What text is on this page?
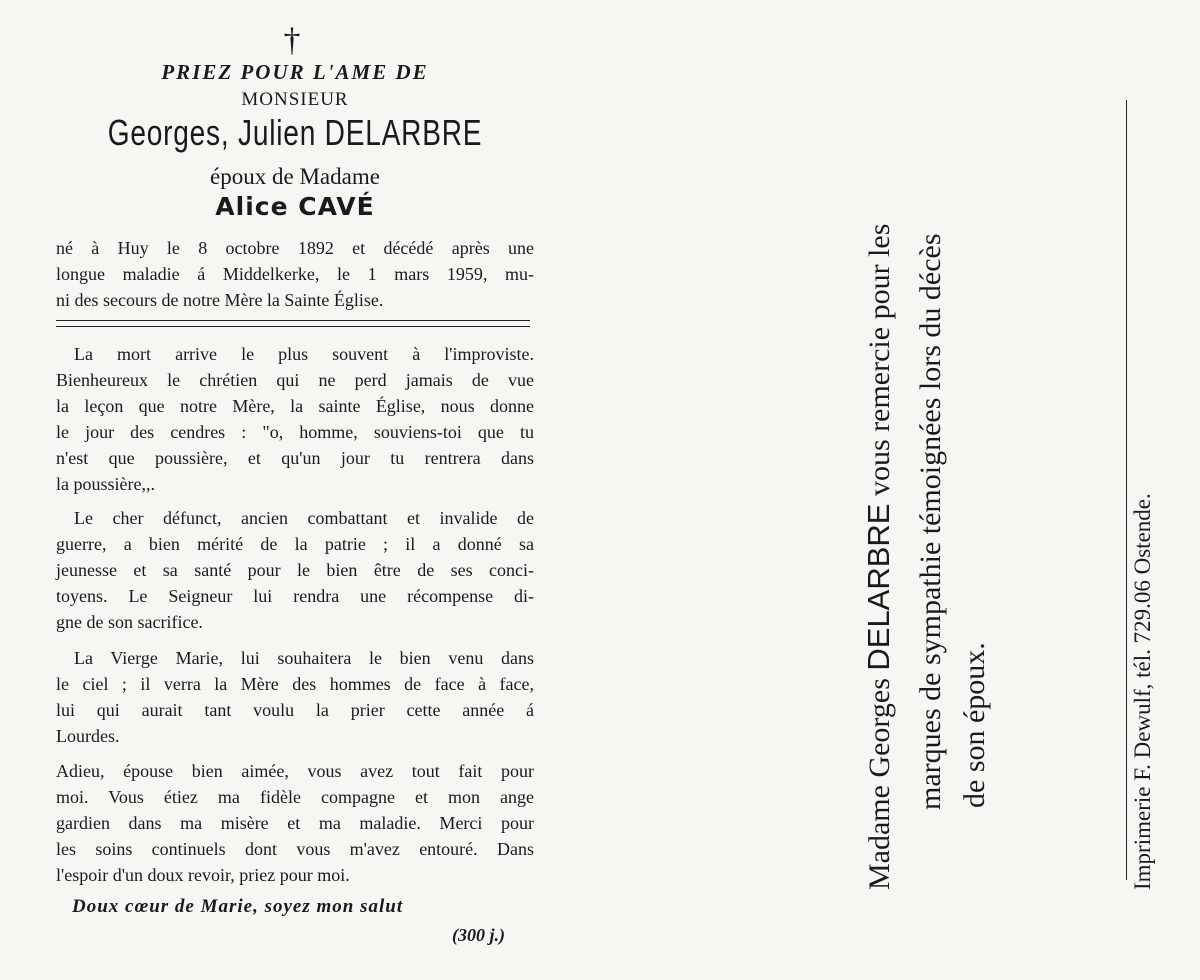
†
PRIEZ POUR L'AME DE
MONSIEUR
Georges, Julien DELARBRE
époux de Madame
Alice CAVÉ
né à Huy le 8 octobre 1892 et décédé après une
longue maladie á Middelkerke, le 1 mars 1959, mu-
ni des secours de notre Mère la Sainte Église.
La mort arrive le plus souvent à l'improviste.
Bienheureux le chrétien qui ne perd jamais de vue
la leçon que notre Mère, la sainte Église, nous donne
le jour des cendres : "o, homme, souviens-toi que tu
n'est que poussière, et qu'un jour tu rentrera dans
la poussière,,.
Le cher défunct, ancien combattant et invalide de
guerre, a bien mérité de la patrie ; il a donné sa
jeunesse et sa santé pour le bien être de ses conci-
toyens. Le Seigneur lui rendra une récompense di-
gne de son sacrifice.
La Vierge Marie, lui souhaitera le bien venu dans
le ciel ; il verra la Mère des hommes de face à face,
lui qui aurait tant voulu la prier cette année á
Lourdes.
Adieu, épouse bien aimée, vous avez tout fait pour
moi. Vous étiez ma fidèle compagne et mon ange
gardien dans ma misère et ma maladie. Merci pour
les soins continuels dont vous m'avez entouré. Dans
l'espoir d'un doux revoir, priez pour moi.
Doux cœur de Marie, soyez mon salut
(300 j.)
Madame Georges DELARBRE vous remercie pour les marques de sympathie témoignées lors du décès de son époux.	Imprimerie F. Dewulf, tél. 729.06 Ostende.
